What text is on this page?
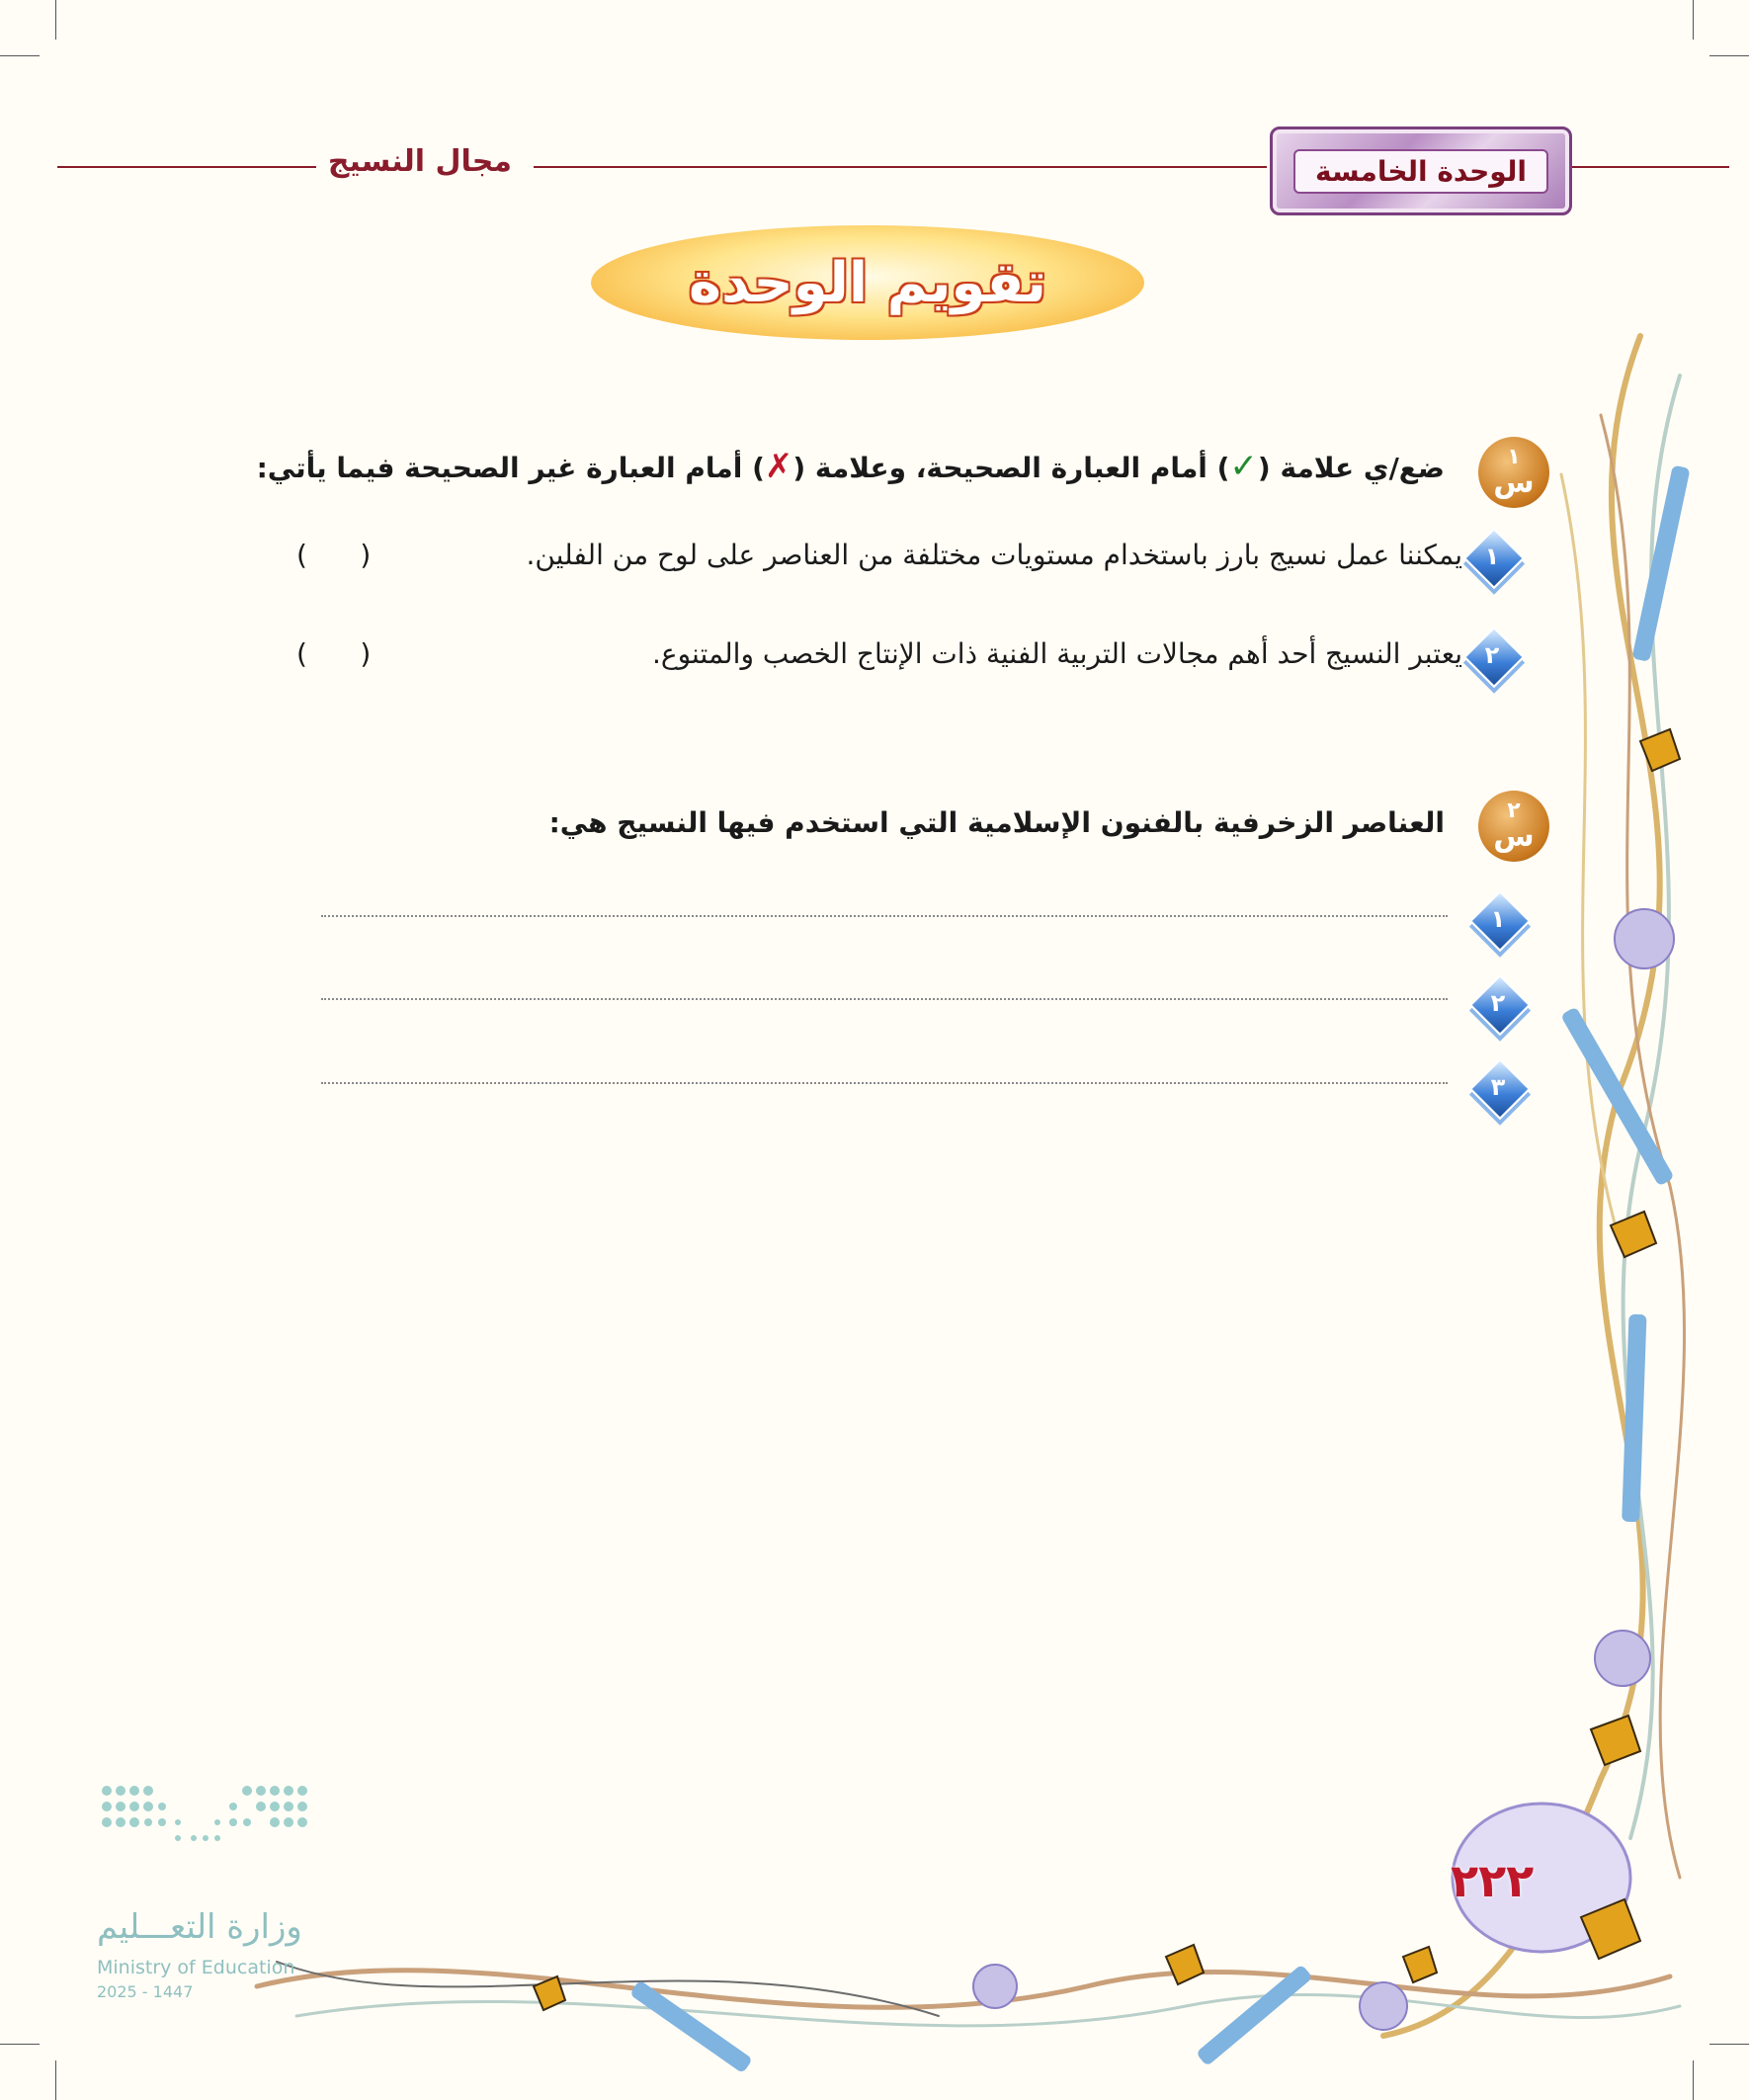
مجال النسيج	الوحدة الخامسة
تقويم الوحدة
٢٢٢
١
س
ضع/ي علامة (✓) أمام العبارة الصحيحة، وعلامة (✗) أمام العبارة غير الصحيحة فيما يأتي:
١
يمكننا عمل نسيج بارز باستخدام مستويات مختلفة من العناصر على لوح من الفلين.
(      )
٢
يعتبر النسيج أحد أهم مجالات التربية الفنية ذات الإنتاج الخصب والمتنوع.
(      )
٢
س
العناصر الزخرفية بالفنون الإسلامية التي استخدم فيها النسيج هي:
١
٢
٣
وزارة التعـــليم
Ministry of Education
2025 - 1447
